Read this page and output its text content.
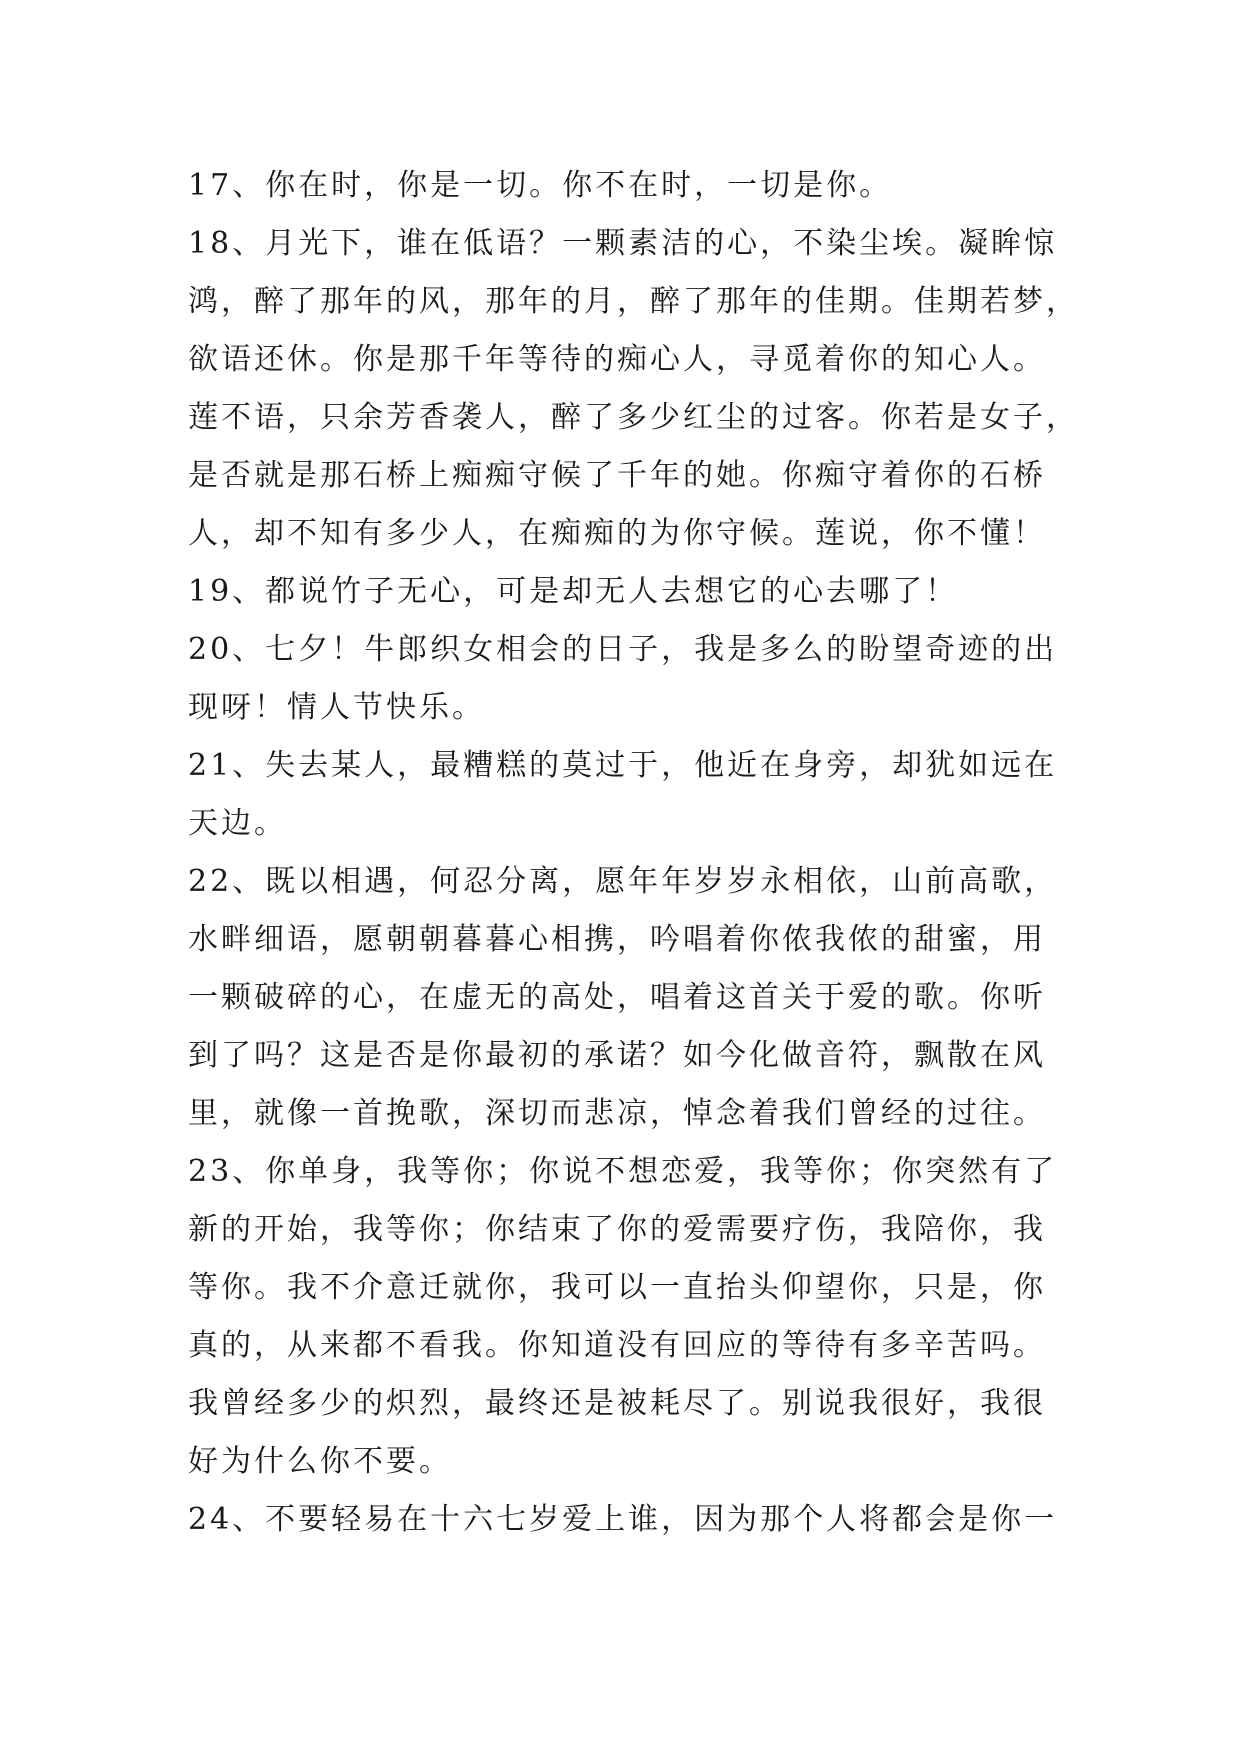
17、你在时，你是一切。你不在时，一切是你。
18、月光下，谁在低语？一颗素洁的心，不染尘埃。凝眸惊
鸿，醉了那年的风，那年的月，醉了那年的佳期。佳期若梦，
欲语还休。你是那千年等待的痴心人，寻觅着你的知心人。
莲不语，只余芳香袭人，醉了多少红尘的过客。你若是女子，
是否就是那石桥上痴痴守候了千年的她。你痴守着你的石桥
人，却不知有多少人，在痴痴的为你守候。莲说，你不懂！
19、都说竹子无心，可是却无人去想它的心去哪了！
20、七夕！牛郎织女相会的日子，我是多么的盼望奇迹的出
现呀！情人节快乐。
21、失去某人，最糟糕的莫过于，他近在身旁，却犹如远在
天边。
22、既以相遇，何忍分离，愿年年岁岁永相依，山前高歌，
水畔细语，愿朝朝暮暮心相携，吟唱着你侬我侬的甜蜜，用
一颗破碎的心，在虚无的高处，唱着这首关于爱的歌。你听
到了吗？这是否是你最初的承诺？如今化做音符，飘散在风
里，就像一首挽歌，深切而悲凉，悼念着我们曾经的过往。
23、你单身，我等你；你说不想恋爱，我等你；你突然有了
新的开始，我等你；你结束了你的爱需要疗伤，我陪你，我
等你。我不介意迁就你，我可以一直抬头仰望你，只是，你
真的，从来都不看我。你知道没有回应的等待有多辛苦吗。
我曾经多少的炽烈，最终还是被耗尽了。别说我很好，我很
好为什么你不要。
24、不要轻易在十六七岁爱上谁，因为那个人将都会是你一
